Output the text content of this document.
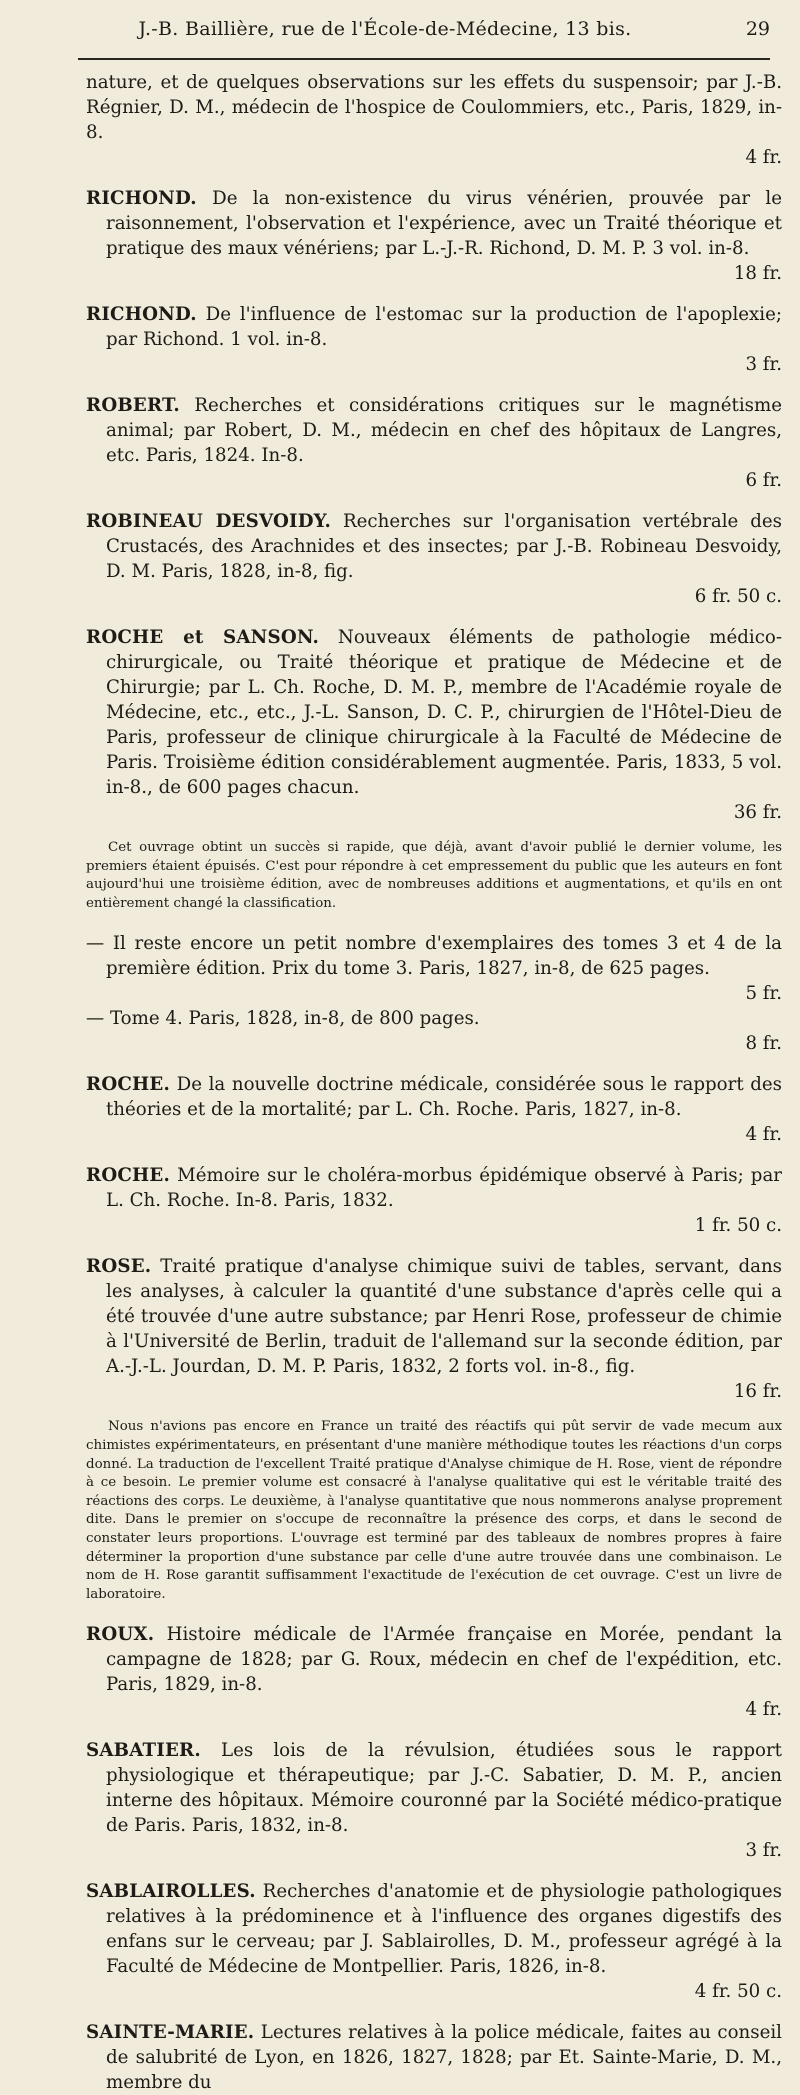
J.-B. Baillière, rue de l'École-de-Médecine, 13 bis.	29

nature, et de quelques observations sur les effets du suspensoir; par J.-B. Régnier, D. M., médecin de l'hospice de Coulommiers, etc., Paris, 1829, in-8.
4 fr.

RICHOND. De la non-existence du virus vénérien, prouvée par le raisonnement, l'observation et l'expérience, avec un Traité théorique et pratique des maux vénériens; par L.-J.-R. Richond, D. M. P. 3 vol. in-8.
18 fr.

RICHOND. De l'influence de l'estomac sur la production de l'apoplexie; par Richond. 1 vol. in-8.
3 fr.

ROBERT. Recherches et considérations critiques sur le magnétisme animal; par Robert, D. M., médecin en chef des hôpitaux de Langres, etc. Paris, 1824. In-8.
6 fr.

ROBINEAU DESVOIDY. Recherches sur l'organisation vertébrale des Crustacés, des Arachnides et des insectes; par J.-B. Robineau Desvoidy, D. M. Paris, 1828, in-8, fig.
6 fr. 50 c.

ROCHE et SANSON. Nouveaux éléments de pathologie médico-chirurgicale, ou Traité théorique et pratique de Médecine et de Chirurgie; par L. Ch. Roche, D. M. P., membre de l'Académie royale de Médecine, etc., etc., J.-L. Sanson, D. C. P., chirurgien de l'Hôtel-Dieu de Paris, professeur de clinique chirurgicale à la Faculté de Médecine de Paris. Troisième édition considérablement augmentée. Paris, 1833, 5 vol. in-8., de 600 pages chacun.
36 fr.

Cet ouvrage obtint un succès si rapide, que déjà, avant d'avoir publié le dernier volume, les premiers étaient épuisés. C'est pour répondre à cet empressement du public que les auteurs en font aujourd'hui une troisième édition, avec de nombreuses additions et augmentations, et qu'ils en ont entièrement changé la classification.

— Il reste encore un petit nombre d'exemplaires des tomes 3 et 4 de la première édition. Prix du tome 3. Paris, 1827, in-8, de 625 pages.
5 fr.

— Tome 4. Paris, 1828, in-8, de 800 pages.
8 fr.

ROCHE. De la nouvelle doctrine médicale, considérée sous le rapport des théories et de la mortalité; par L. Ch. Roche. Paris, 1827, in-8.
4 fr.

ROCHE. Mémoire sur le choléra-morbus épidémique observé à Paris; par L. Ch. Roche. In-8. Paris, 1832.
1 fr. 50 c.

ROSE. Traité pratique d'analyse chimique suivi de tables, servant, dans les analyses, à calculer la quantité d'une substance d'après celle qui a été trouvée d'une autre substance; par Henri Rose, professeur de chimie à l'Université de Berlin, traduit de l'allemand sur la seconde édition, par A.-J.-L. Jourdan, D. M. P. Paris, 1832, 2 forts vol. in-8., fig.
16 fr.

Nous n'avions pas encore en France un traité des réactifs qui pût servir de vade mecum aux chimistes expérimentateurs, en présentant d'une manière méthodique toutes les réactions d'un corps donné. La traduction de l'excellent Traité pratique d'Analyse chimique de H. Rose, vient de répondre à ce besoin. Le premier volume est consacré à l'analyse qualitative qui est le véritable traité des réactions des corps. Le deuxième, à l'analyse quantitative que nous nommerons analyse proprement dite. Dans le premier on s'occupe de reconnaître la présence des corps, et dans le second de constater leurs proportions. L'ouvrage est terminé par des tableaux de nombres propres à faire déterminer la proportion d'une substance par celle d'une autre trouvée dans une combinaison. Le nom de H. Rose garantit suffisamment l'exactitude de l'exécution de cet ouvrage. C'est un livre de laboratoire.

ROUX. Histoire médicale de l'Armée française en Morée, pendant la campagne de 1828; par G. Roux, médecin en chef de l'expédition, etc. Paris, 1829, in-8.
4 fr.

SABATIER. Les lois de la révulsion, étudiées sous le rapport physiologique et thérapeutique; par J.-C. Sabatier, D. M. P., ancien interne des hôpitaux. Mémoire couronné par la Société médico-pratique de Paris. Paris, 1832, in-8.
3 fr.

SABLAIROLLES. Recherches d'anatomie et de physiologie pathologiques relatives à la prédominence et à l'influence des organes digestifs des enfans sur le cerveau; par J. Sablairolles, D. M., professeur agrégé à la Faculté de Médecine de Montpellier. Paris, 1826, in-8.
4 fr. 50 c.

SAINTE-MARIE. Lectures relatives à la police médicale, faites au conseil de salubrité de Lyon, en 1826, 1827, 1828; par Et. Sainte-Marie, D. M., membre du
